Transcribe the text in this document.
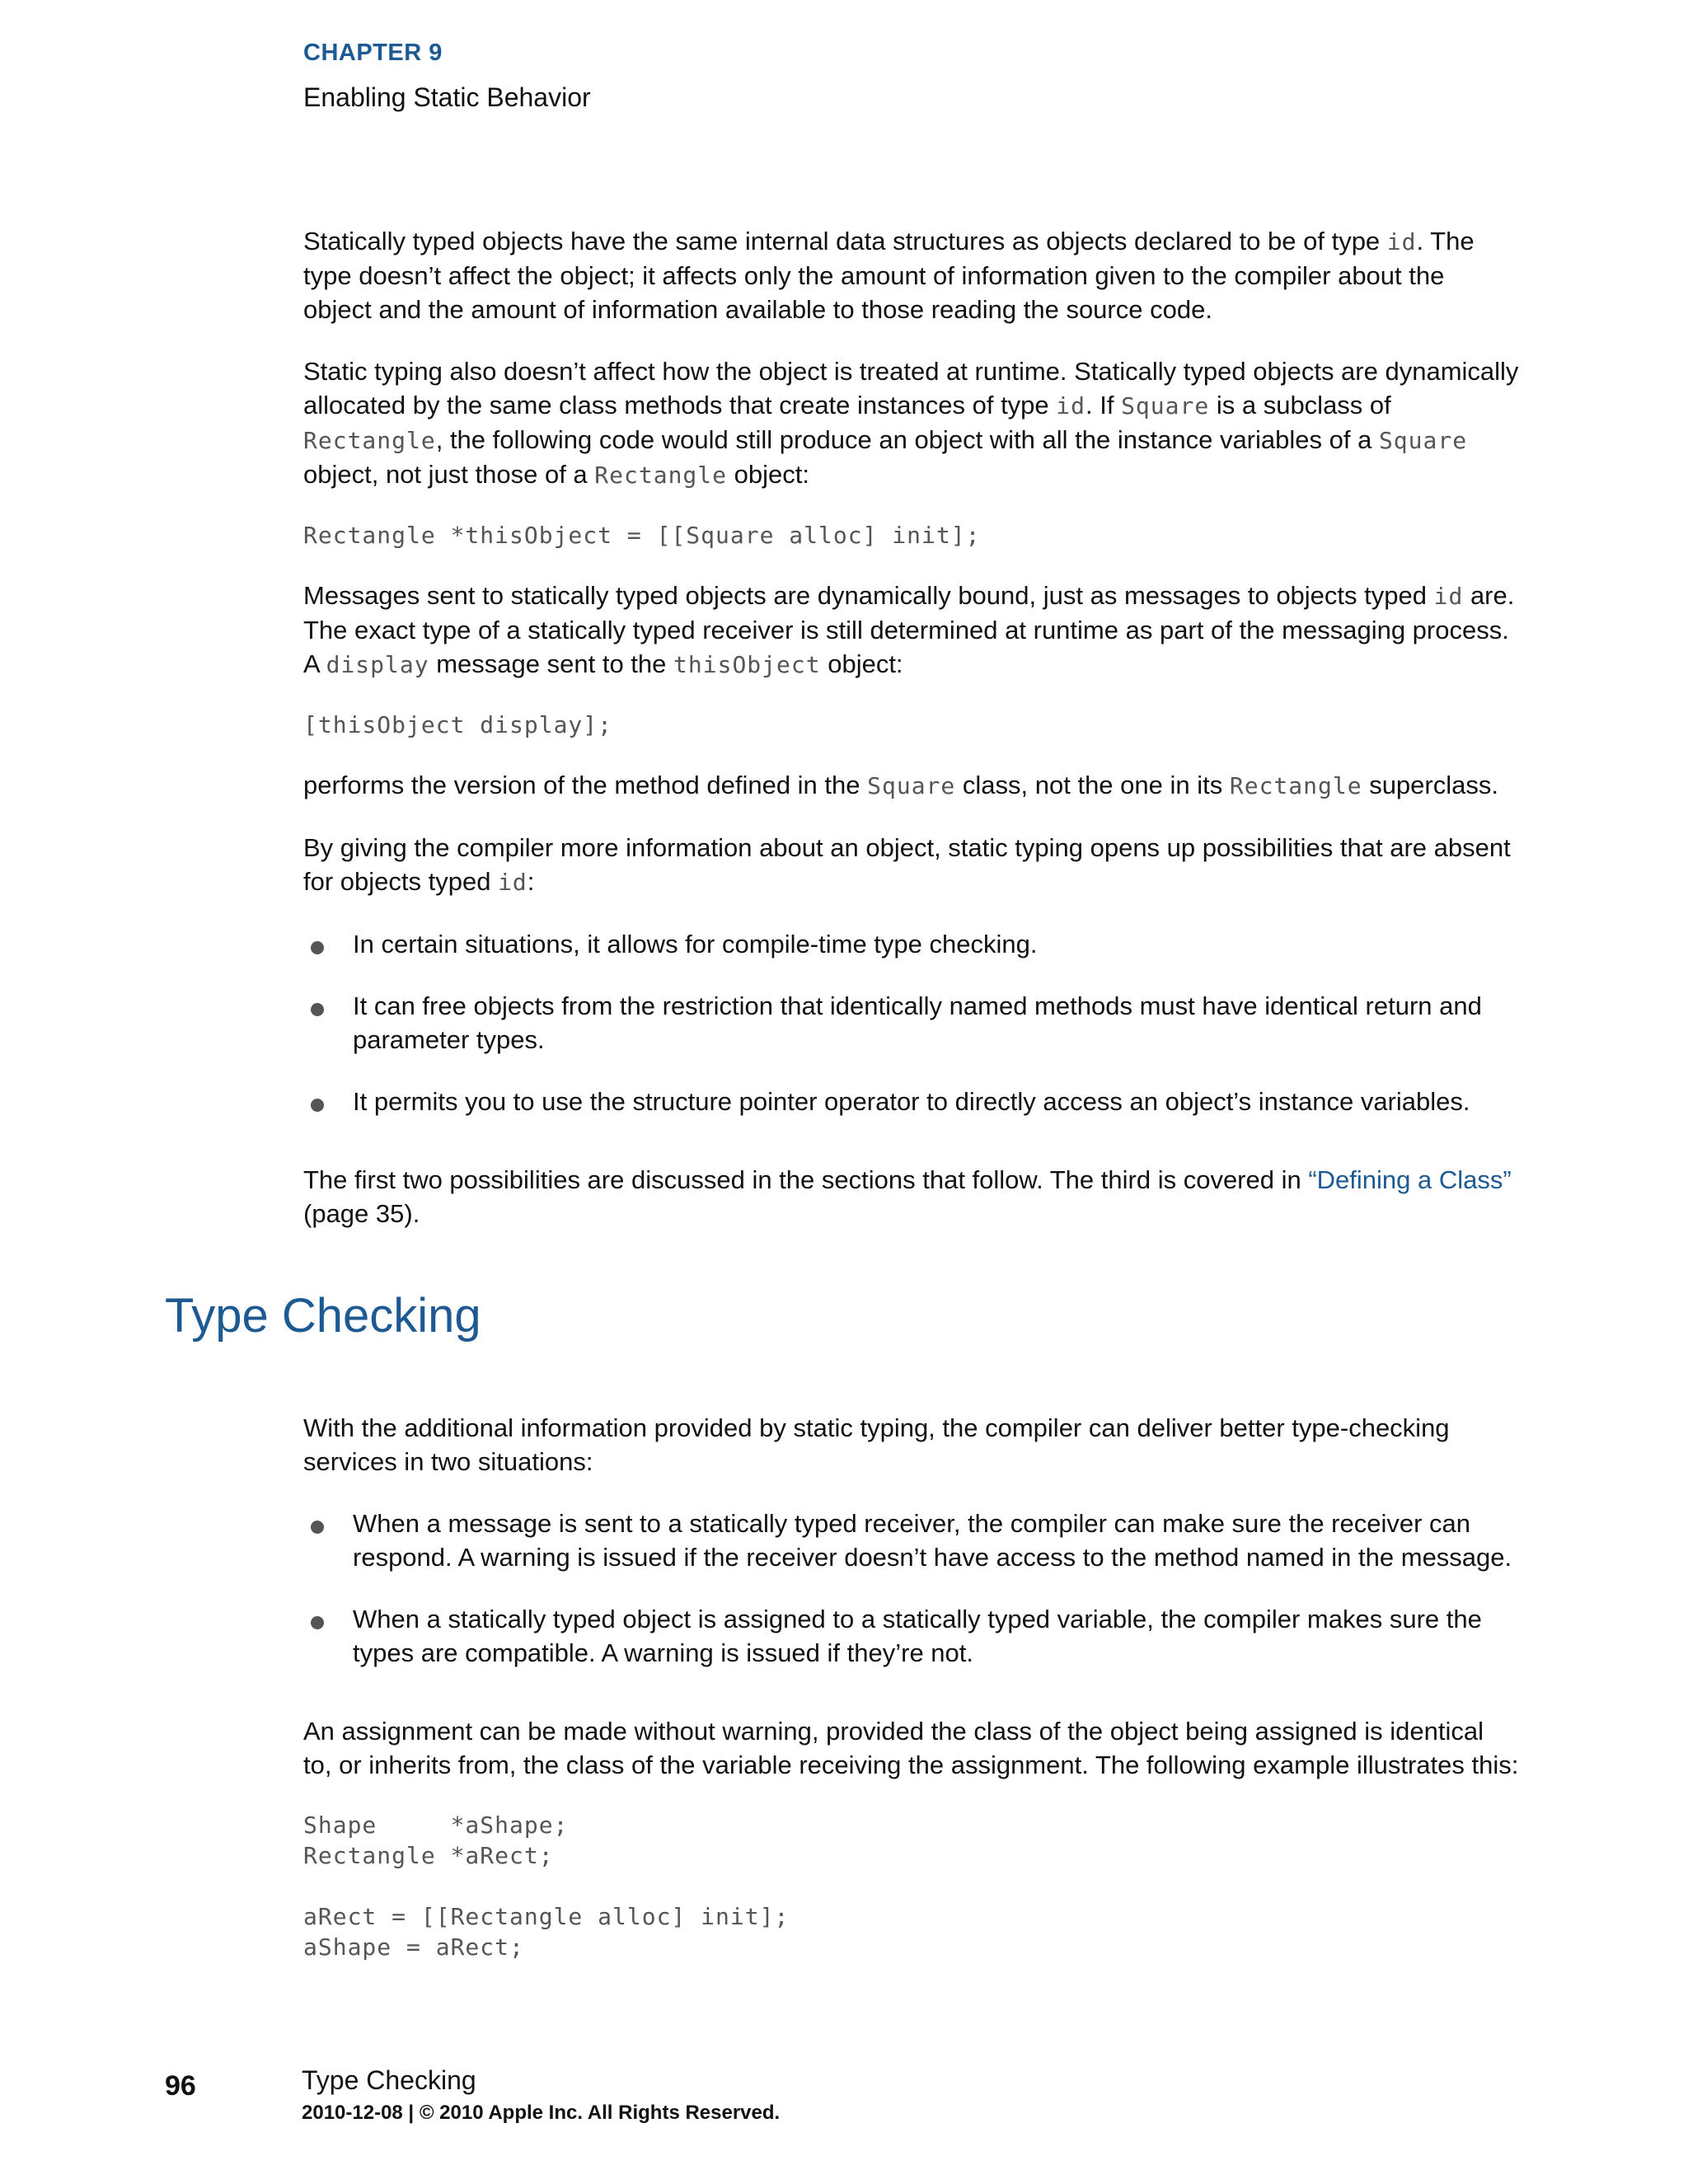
CHAPTER 9
Enabling Static Behavior

Statically typed objects have the same internal data structures as objects declared to be of type id. The type doesn’t affect the object; it affects only the amount of information given to the compiler about the object and the amount of information available to those reading the source code.

Static typing also doesn’t affect how the object is treated at runtime. Statically typed objects are dynamically allocated by the same class methods that create instances of type id. If Square is a subclass of Rectangle, the following code would still produce an object with all the instance variables of a Square object, not just those of a Rectangle object:

Rectangle *thisObject = [[Square alloc] init];

Messages sent to statically typed objects are dynamically bound, just as messages to objects typed id are. The exact type of a statically typed receiver is still determined at runtime as part of the messaging process. A display message sent to the thisObject object:

[thisObject display];

performs the version of the method defined in the Square class, not the one in its Rectangle superclass.

By giving the compiler more information about an object, static typing opens up possibilities that are absent for objects typed id:

In certain situations, it allows for compile-time type checking.
It can free objects from the restriction that identically named methods must have identical return and parameter types.
It permits you to use the structure pointer operator to directly access an object’s instance variables.

The first two possibilities are discussed in the sections that follow. The third is covered in “Defining a Class” (page 35).

Type Checking

With the additional information provided by static typing, the compiler can deliver better type-checking services in two situations:

When a message is sent to a statically typed receiver, the compiler can make sure the receiver can respond. A warning is issued if the receiver doesn’t have access to the method named in the message.
When a statically typed object is assigned to a statically typed variable, the compiler makes sure the types are compatible. A warning is issued if they’re not.

An assignment can be made without warning, provided the class of the object being assigned is identical to, or inherits from, the class of the variable receiving the assignment. The following example illustrates this:

Shape     *aShape;
Rectangle *aRect;

aRect = [[Rectangle alloc] init];
aShape = aRect;
96	Type Checking
2010-12-08 | © 2010 Apple Inc. All Rights Reserved.
